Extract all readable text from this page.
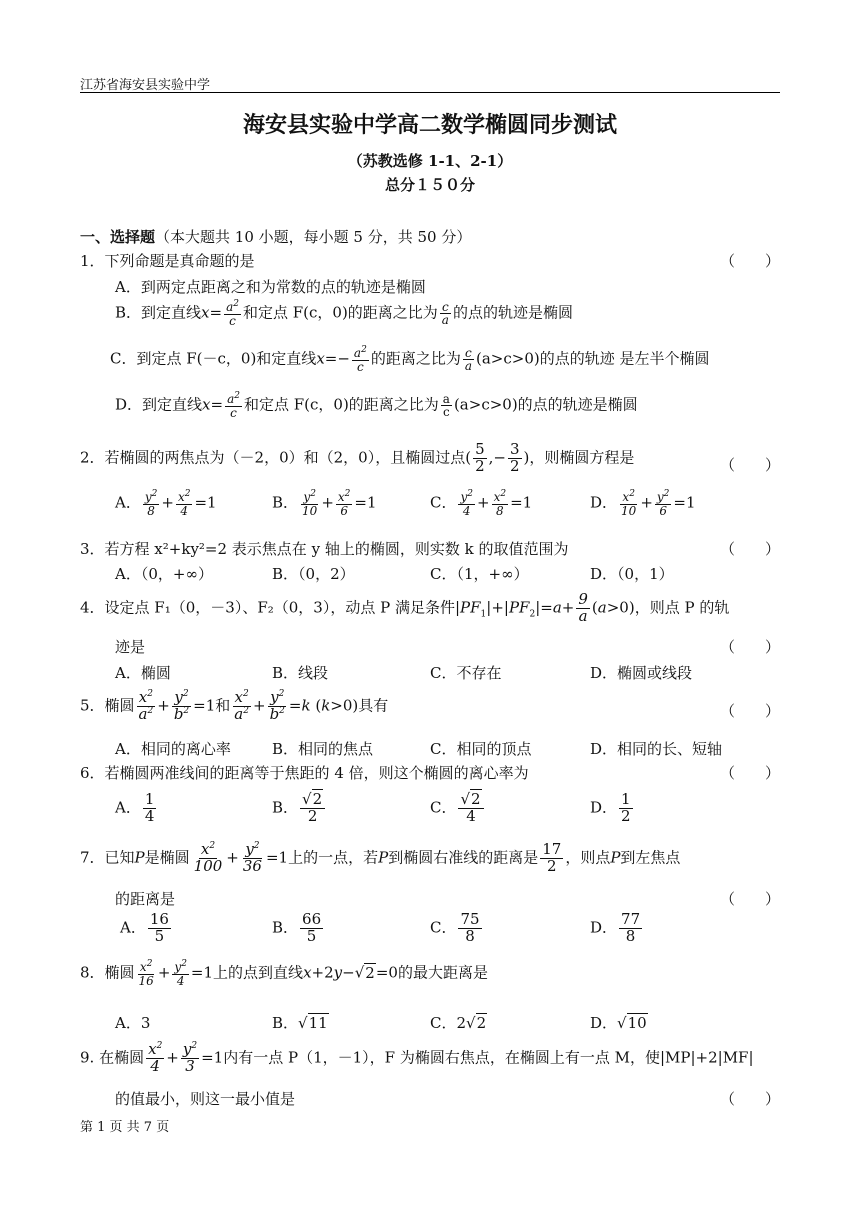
江苏省海安县实验中学
海安县实验中学高二数学椭圆同步测试
（苏教选修 1-1、2-1）
总分１５０分
一、选择题（本大题共 10 小题，每小题 5 分，共 50 分）
1．下列命题是真命题的是	（　　）
A．到两定点距离之和为常数的点的轨迹是椭圆
B．到定直线$x= \frac{a^2}{c}$ 和定点 F(c，0)的距离之比为 $\frac{c}{a}$ 的点的轨迹是椭圆
C．到定点 F(－c，0)和定直线$x=- \frac{a^2}{c}$ 的距离之比为 $\frac{c}{a} (a>c>0)$的点的轨迹 是左半个椭圆
D．到定直线$x= \frac{a^2}{c}$ 和定点 F(c，0)的距离之比为 $\frac{a}{c} (a>c>0)$的点的轨迹是椭圆
2．若椭圆的两焦点为（－2，0）和（2，0），且椭圆过点( $\frac{5}{2}$ ,− $\frac{3}{2}$ )，则椭圆方程是	（　　）
A． $\frac{y^2}{8} + \frac{x^2}{4} =1$	B． $\frac{y^2}{10} + \frac{x^2}{6} =1$	C． $\frac{y^2}{4} + \frac{x^2}{8} =1$	D． $\frac{x^2}{10} + \frac{y^2}{6} =1$
3．若方程 x²+ky²=2 表示焦点在 y 轴上的椭圆，则实数 k 的取值范围为	（　　）
A．（0，+∞）	B．（0，2）	C．（1，+∞）	D．（0，1）
4．设定点 F₁（0，－3）、F₂（0，3），动点 P 满足条件$|PF_1|+|PF_2|=a+ \frac{9}{a} (a>0)$，则点 P 的轨
迹是	（　　）
A．椭圆	B．线段	C．不存在	D．椭圆或线段
5．椭圆 $\frac{x^2}{a^2} + \frac{y^2}{b^2} =1$和 $\frac{x^2}{a^2} + \frac{y^2}{b^2} =k$ (k>0)具有	（　　）
A．相同的离心率	B．相同的焦点	C．相同的顶点	D．相同的长、短轴
6．若椭圆两准线间的距离等于焦距的 4 倍，则这个椭圆的离心率为	（　　）
A． $\frac{1}{4}$	B． $\frac{√2}{2}$	C． $\frac{√2}{4}$	D． $\frac{1}{2}$
7．已知P是椭圆 $\frac{x^2}{100} + \frac{y^2}{36} =1$上的一点，若P到椭圆右准线的距离是 $\frac{17}{2}$ ，则点P到左焦点
的距离是	（　　）
A． $\frac{16}{5}$	B． $\frac{66}{5}$	C． $\frac{75}{8}$	D． $\frac{77}{8}$
8．椭圆 $\frac{x^2}{16} + \frac{y^2}{4} =1$上的点到直线x+2y−√2=0的最大距离是
A．3	B．√11	C．2√2	D．√10
9. 在椭圆 $\frac{x^2}{4} + \frac{y^2}{3} =1$内有一点 P（1，－1），F 为椭圆右焦点，在椭圆上有一点 M，使|MP|+2|MF|
的值最小，则这一最小值是	（　　）
第 1 页 共 7 页
